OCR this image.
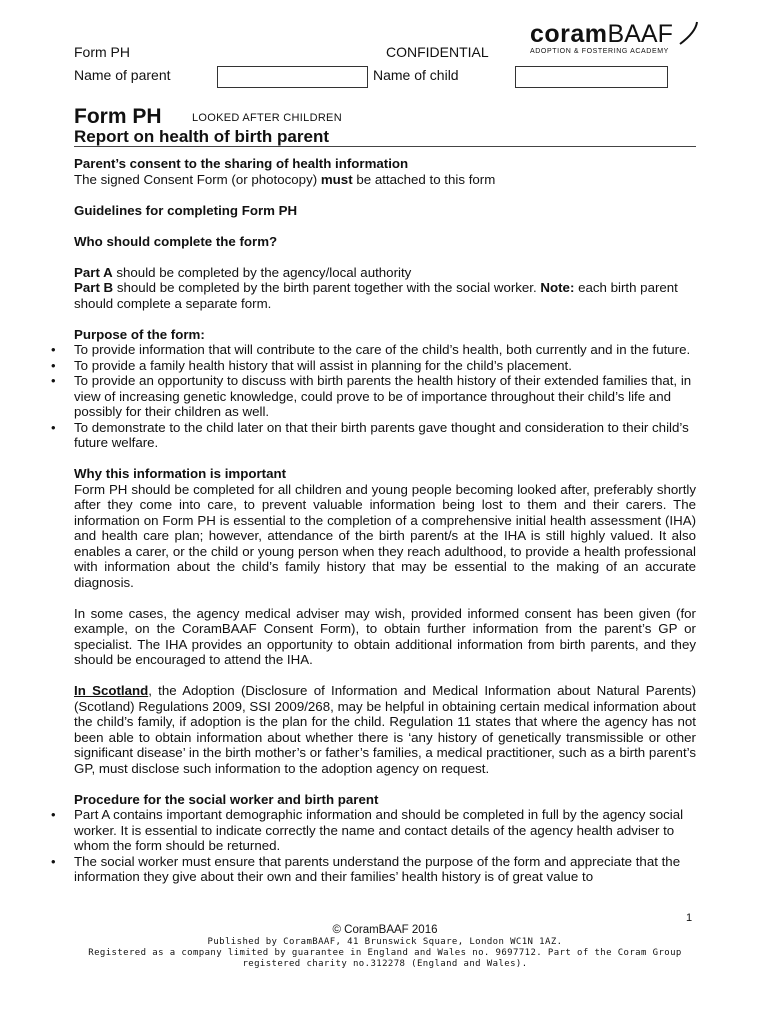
Form PH	CONFIDENTIAL
Name of parent	Name of child
coramBAAF
ADOPTION & FOSTERING ACADEMY
Form PH	LOOKED AFTER CHILDREN
Report on health of birth parent

Parent’s consent to the sharing of health information

The signed Consent Form (or photocopy) must be attached to this form

Guidelines for completing Form PH

Who should complete the form?

Part A should be completed by the agency/local authority

Part B should be completed by the birth parent together with the social worker. Note: each birth parent should complete a separate form.

Purpose of the form:

• To provide information that will contribute to the care of the child’s health, both currently and in the future.
• To provide a family health history that will assist in planning for the child’s placement.
• To provide an opportunity to discuss with birth parents the health history of their extended families that, in view of increasing genetic knowledge, could prove to be of importance throughout their child’s life and possibly for their children as well.
• To demonstrate to the child later on that their birth parents gave thought and consideration to their child’s future welfare.

Why this information is important

Form PH should be completed for all children and young people becoming looked after, preferably shortly after they come into care, to prevent valuable information being lost to them and their carers. The information on Form PH is essential to the completion of a comprehensive initial health assessment (IHA) and health care plan; however, attendance of the birth parent/s at the IHA is still highly valued. It also enables a carer, or the child or young person when they reach adulthood, to provide a health professional with information about the child’s family history that may be essential to the making of an accurate diagnosis.

In some cases, the agency medical adviser may wish, provided informed consent has been given (for example, on the CoramBAAF Consent Form), to obtain further information from the parent’s GP or specialist. The IHA provides an opportunity to obtain additional information from birth parents, and they should be encouraged to attend the IHA.

In Scotland, the Adoption (Disclosure of Information and Medical Information about Natural Parents) (Scotland) Regulations 2009, SSI 2009/268, may be helpful in obtaining certain medical information about the child’s family, if adoption is the plan for the child. Regulation 11 states that where the agency has not been able to obtain information about whether there is ‘any history of genetically transmissible or other significant disease’ in the birth mother’s or father’s families, a medical practitioner, such as a birth parent’s GP, must disclose such information to the adoption agency on request.

Procedure for the social worker and birth parent

• Part A contains important demographic information and should be completed in full by the agency social worker. It is essential to indicate correctly the name and contact details of the agency health adviser to whom the form should be returned.
• The social worker must ensure that parents understand the purpose of the form and appreciate that the information they give about their own and their families’ health history is of great value to
1
© CoramBAAF 2016
Published by CoramBAAF, 41 Brunswick Square, London WC1N 1AZ.
Registered as a company limited by guarantee in England and Wales no. 9697712. Part of the Coram Group registered charity no.312278 (England and Wales).
